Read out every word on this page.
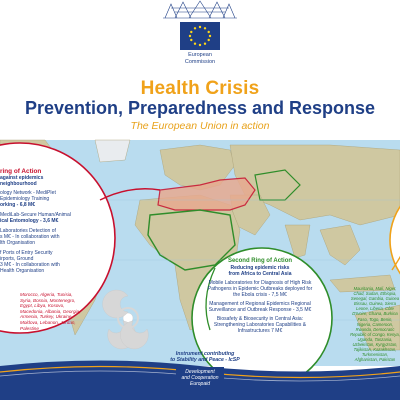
European
Commission
Health Crisis
Prevention, Preparedness and Response
The European Union in action
ring of Action
against epidemics
neighbourhood
ology Network - MediPIet
Epidemiology Training
orking - 6,8 M€
MediLab-Secure Human/Animal
ical Entomology - 3,6 M€
Laboratories Detection of
s M€ - In collaboration with
lth Organisation
f Ports of Entry Security
irports, Ground
3 M€ - In collaboration with
Health Organisation
Morocco, Algeria, Tunisia, Syria, Bosnia, Montenegro, Egypt, Libya, Kosovo, Macedonia, Albania, Georgia, Armenia, Turkey, Ukraine, Moldova, Lebanon, Jordan, Palestine
Second Ring of Action
Reducing epidemic risks
from Africa to Central Asia
Mobile Laboratories for Diagnosis of High Risk Pathogens in Epidemic Outbreaks deployed for the Ebola crisis - 7,5 M€
Management of Regional Epidemics Regional Surveillance and Outbreak Response - 3,5 M€
Biosafety & Biosecurity in Central Asia: Strengthening Laboratories Capabilities & Infrastructures 7 M€
Mauritania, Mali, Niger, Chad, Sudan, Ethiopia, Senegal, Gambia, Guinea Bissau, Guinea, Sierra Leone, Liberia, Côte D'Ivoire, Ghana, Burkina Faso, Togo, Benin, Nigeria, Cameroon, Rwanda, Democratic Republic of Congo, Kenya, Uganda, Tanzania, Uzbekistan, Kyrgyzstan, Tajikistan, Kazakhstan, Turkmenistan, Afghanistan, Pakistan
Instrument contributing
to Stability and Peace - IcSP
Development
and Cooperation
Europaid
